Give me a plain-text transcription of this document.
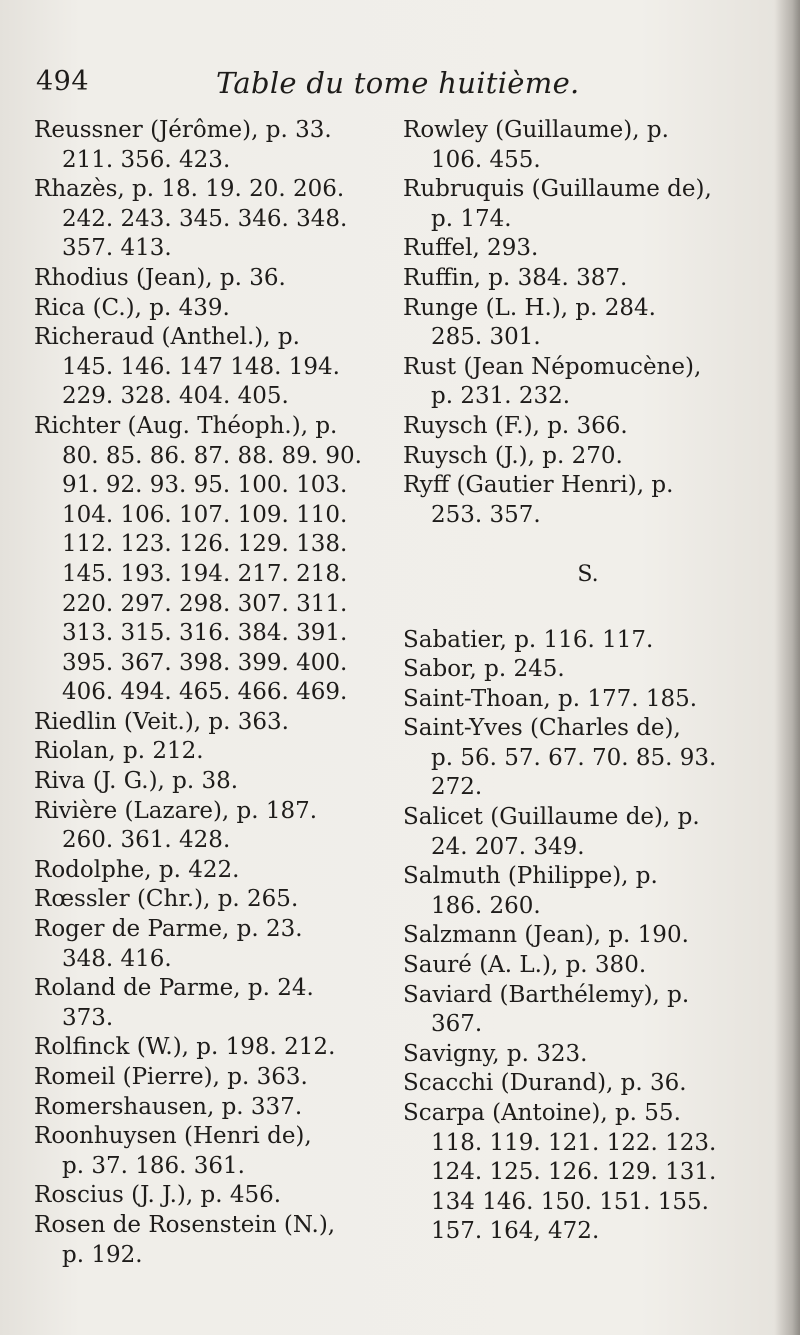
494	Table du tome huitième.
Reussner (Jérôme), p. 33.
211. 356. 423.
Rhazès, p. 18. 19. 20. 206.
242. 243. 345. 346. 348.
357. 413.
Rhodius (Jean), p. 36.
Rica (C.), p. 439.
Richeraud (Anthel.), p.
145. 146. 147 148. 194.
229. 328. 404. 405.
Richter (Aug. Théoph.), p.
80. 85. 86. 87. 88. 89. 90.
91. 92. 93. 95. 100. 103.
104. 106. 107. 109. 110.
112. 123. 126. 129. 138.
145. 193. 194. 217. 218.
220. 297. 298. 307. 311.
313. 315. 316. 384. 391.
395. 367. 398. 399. 400.
406. 494. 465. 466. 469.
Riedlin (Veit.), p. 363.
Riolan, p. 212.
Riva (J. G.), p. 38.
Rivière (Lazare), p. 187.
260. 361. 428.
Rodolphe, p. 422.
Rœssler (Chr.), p. 265.
Roger de Parme, p. 23.
348. 416.
Roland de Parme, p. 24.
373.
Rolfinck (W.), p. 198. 212.
Romeil (Pierre), p. 363.
Romershausen, p. 337.
Roonhuysen (Henri de),
p. 37. 186. 361.
Roscius (J. J.), p. 456.
Rosen de Rosenstein (N.),
p. 192.
Rowley (Guillaume), p.
106. 455.
Rubruquis (Guillaume de),
p. 174.
Ruffel, 293.
Ruffin, p. 384. 387.
Runge (L. H.), p. 284.
285. 301.
Rust (Jean Népomucène),
p. 231. 232.
Ruysch (F.), p. 366.
Ruysch (J.), p. 270.
Ryff (Gautier Henri), p.
253. 357.
S.
Sabatier, p. 116. 117.
Sabor, p. 245.
Saint-Thoan, p. 177. 185.
Saint-Yves (Charles de),
p. 56. 57. 67. 70. 85. 93.
272.
Salicet (Guillaume de), p.
24. 207. 349.
Salmuth (Philippe), p.
186. 260.
Salzmann (Jean), p. 190.
Sauré (A. L.), p. 380.
Saviard (Barthélemy), p.
367.
Savigny, p. 323.
Scacchi (Durand), p. 36.
Scarpa (Antoine), p. 55.
118. 119. 121. 122. 123.
124. 125. 126. 129. 131.
134 146. 150. 151. 155.
157. 164, 472.
